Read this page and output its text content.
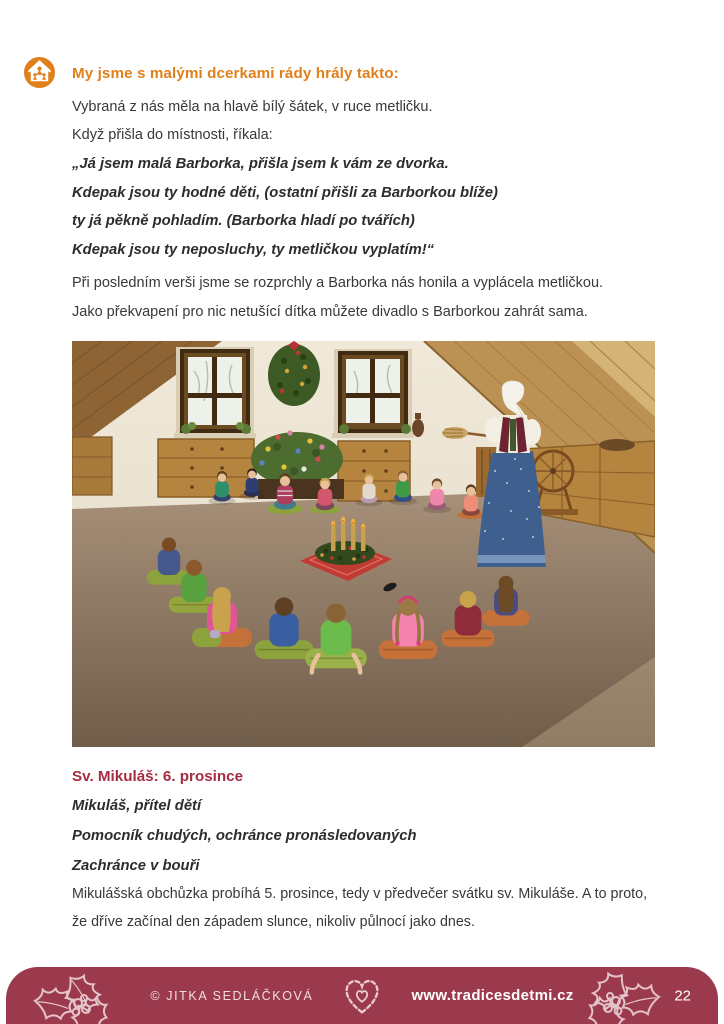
My jsme s malými dcerkami rády hrály takto:

Vybraná z nás měla na hlavě bílý šátek, v ruce metličku.

Když přišla do místnosti, říkala:

„Já jsem malá Barborka, přišla jsem k vám ze dvorka.

Kdepak jsou ty hodné děti, (ostatní přišli za Barborkou blíže)

ty já pěkně pohladím. (Barborka hladí po tvářích)

Kdepak jsou ty neposluchy, ty metličkou vyplatím!“

Při posledním verši jsme se rozprchly a Barborka nás honila a vyplácela metličkou.

Jako překvapení pro nic netušící dítka můžete divadlo s Barborkou zahrát sama.

Sv. Mikuláš: 6. prosince

Mikuláš, přítel dětí

Pomocník chudých, ochránce pronásledovaných

Zachránce v bouři

Mikulášská obchůzka probíhá 5. prosince, tedy v předvečer svátku sv. Mikuláše. A to proto, že dříve začínal den západem slunce, nikoliv půlnocí jako dnes.

© JITKA SEDLÁČKOVÁ	www.tradicesdetmi.cz	22
